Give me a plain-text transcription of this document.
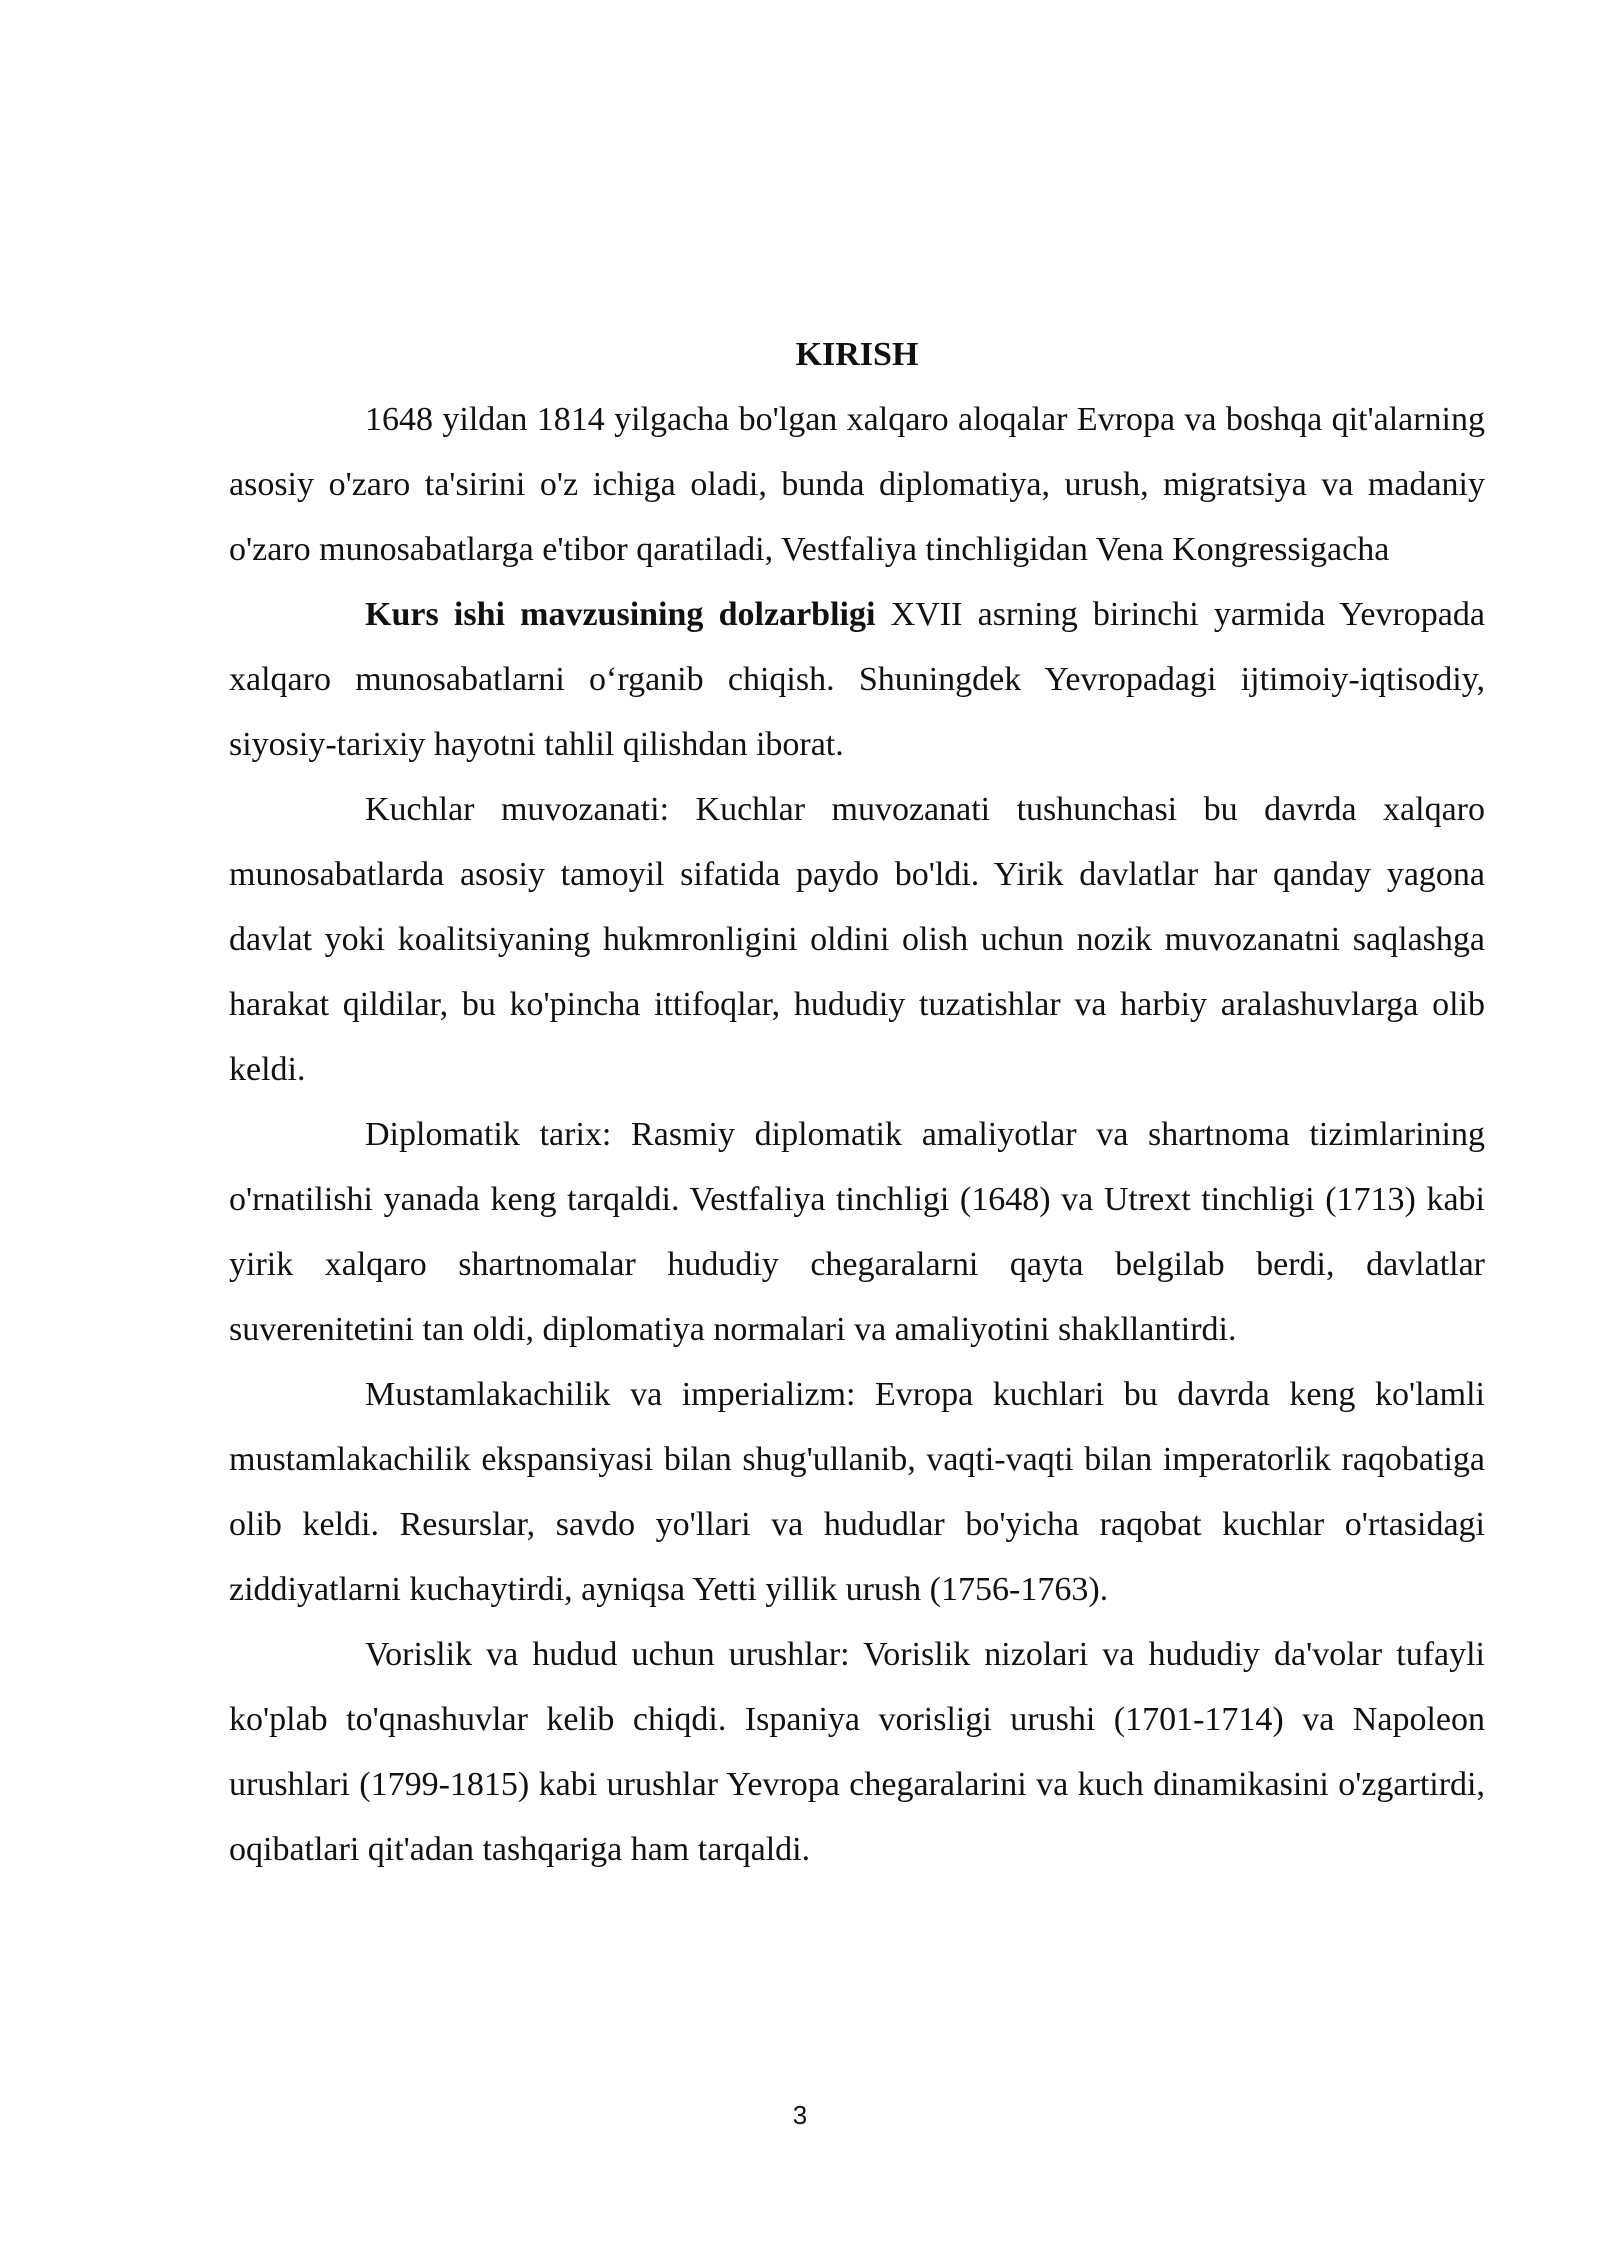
KIRISH

1648 yildan 1814 yilgacha bo'lgan xalqaro aloqalar Evropa va boshqa qit'alarning asosiy o'zaro ta'sirini o'z ichiga oladi, bunda diplomatiya, urush, migratsiya va madaniy o'zaro munosabatlarga e'tibor qaratiladi, Vestfaliya tinchligidan Vena Kongressigacha

Kurs ishi mavzusining dolzarbligi XVII asrning birinchi yarmida Yevropada xalqaro munosabatlarni o‘rganib chiqish. Shuningdek Yevropadagi ijtimoiy-iqtisodiy, siyosiy-tarixiy hayotni tahlil qilishdan iborat.

Kuchlar muvozanati: Kuchlar muvozanati tushunchasi bu davrda xalqaro munosabatlarda asosiy tamoyil sifatida paydo bo'ldi. Yirik davlatlar har qanday yagona davlat yoki koalitsiyaning hukmronligini oldini olish uchun nozik muvozanatni saqlashga harakat qildilar, bu ko'pincha ittifoqlar, hududiy tuzatishlar va harbiy aralashuvlarga olib keldi.

Diplomatik tarix: Rasmiy diplomatik amaliyotlar va shartnoma tizimlarining o'rnatilishi yanada keng tarqaldi. Vestfaliya tinchligi (1648) va Utrext tinchligi (1713) kabi yirik xalqaro shartnomalar hududiy chegaralarni qayta belgilab berdi, davlatlar suverenitetini tan oldi, diplomatiya normalari va amaliyotini shakllantirdi.

Mustamlakachilik va imperializm: Evropa kuchlari bu davrda keng ko'lamli mustamlakachilik ekspansiyasi bilan shug'ullanib, vaqti-vaqti bilan imperatorlik raqobatiga olib keldi. Resurslar, savdo yo'llari va hududlar bo'yicha raqobat kuchlar o'rtasidagi ziddiyatlarni kuchaytirdi, ayniqsa Yetti yillik urush (1756-1763).

Vorislik va hudud uchun urushlar: Vorislik nizolari va hududiy da'volar tufayli ko'plab to'qnashuvlar kelib chiqdi. Ispaniya vorisligi urushi (1701-1714) va Napoleon urushlari (1799-1815) kabi urushlar Yevropa chegaralarini va kuch dinamikasini o'zgartirdi, oqibatlari qit'adan tashqariga ham tarqaldi.

3
